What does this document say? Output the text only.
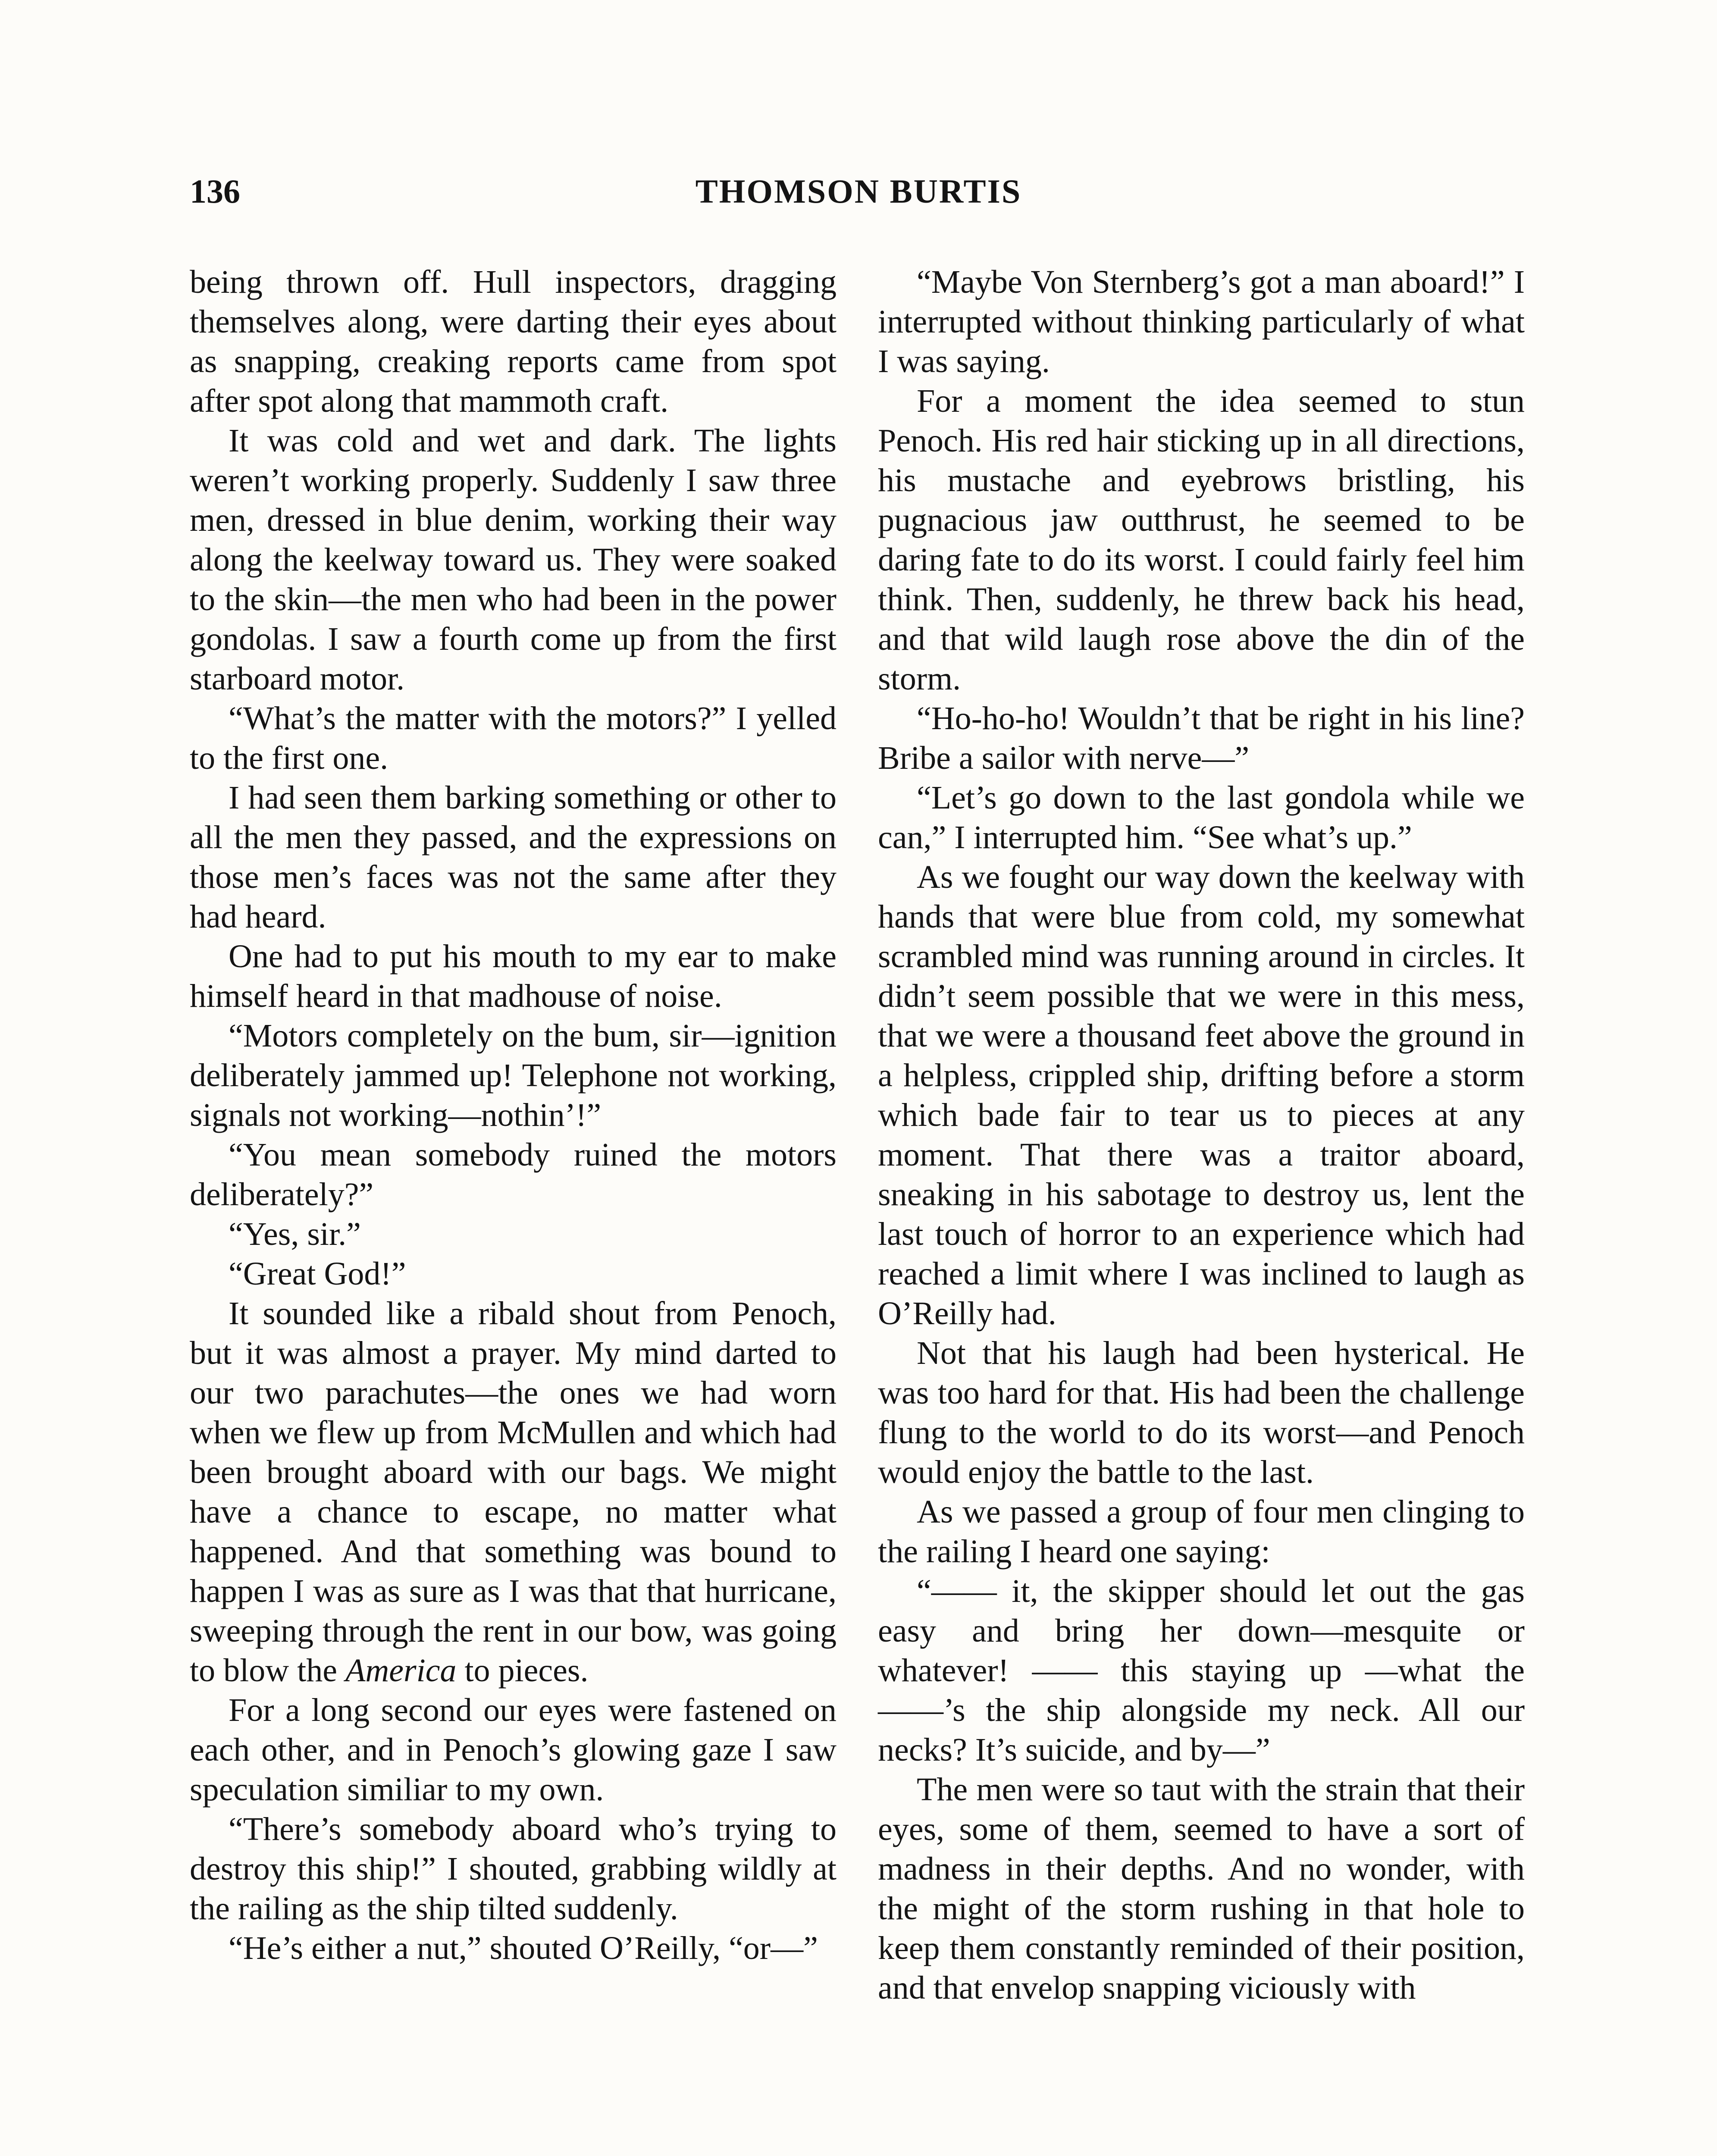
136	THOMSON BURTIS

being thrown off. Hull inspectors, dragging themselves along, were darting their eyes about as snapping, creaking reports came from spot after spot along that mammoth craft.

It was cold and wet and dark. The lights weren’t working properly. Suddenly I saw three men, dressed in blue denim, working their way along the keelway toward us. They were soaked to the skin—the men who had been in the power gondolas. I saw a fourth come up from the first starboard motor.

“What’s the matter with the motors?” I yelled to the first one.

I had seen them barking something or other to all the men they passed, and the expressions on those men’s faces was not the same after they had heard.

One had to put his mouth to my ear to make himself heard in that madhouse of noise.

“Motors completely on the bum, sir—ignition deliberately jammed up! Telephone not working, signals not working—nothin’!”

“You mean somebody ruined the motors deliberately?”

“Yes, sir.”

“Great God!”

It sounded like a ribald shout from Penoch, but it was almost a prayer. My mind darted to our two parachutes—the ones we had worn when we flew up from McMullen and which had been brought aboard with our bags. We might have a chance to escape, no matter what happened. And that something was bound to happen I was as sure as I was that that hurricane, sweeping through the rent in our bow, was going to blow the America to pieces.

For a long second our eyes were fastened on each other, and in Penoch’s glowing gaze I saw speculation similiar to my own.

“There’s somebody aboard who’s trying to destroy this ship!” I shouted, grabbing wildly at the railing as the ship tilted suddenly.

“He’s either a nut,” shouted O’Reilly, “or—”

“Maybe Von Sternberg’s got a man aboard!” I interrupted without thinking particularly of what I was saying.

For a moment the idea seemed to stun Penoch. His red hair sticking up in all directions, his mustache and eyebrows bristling, his pugnacious jaw outthrust, he seemed to be daring fate to do its worst. I could fairly feel him think. Then, suddenly, he threw back his head, and that wild laugh rose above the din of the storm.

“Ho-ho-ho! Wouldn’t that be right in his line? Bribe a sailor with nerve—”

“Let’s go down to the last gondola while we can,” I interrupted him. “See what’s up.”

As we fought our way down the keelway with hands that were blue from cold, my somewhat scrambled mind was running around in circles. It didn’t seem possible that we were in this mess, that we were a thousand feet above the ground in a helpless, crippled ship, drifting before a storm which bade fair to tear us to pieces at any moment. That there was a traitor aboard, sneaking in his sabotage to destroy us, lent the last touch of horror to an experience which had reached a limit where I was inclined to laugh as O’Reilly had.

Not that his laugh had been hysterical. He was too hard for that. His had been the challenge flung to the world to do its worst—and Penoch would enjoy the battle to the last.

As we passed a group of four men clinging to the railing I heard one saying:

“—— it, the skipper should let out the gas easy and bring her down—mesquite or whatever! —— this staying up —what the ——’s the ship alongside my neck. All our necks? It’s suicide, and by—”

The men were so taut with the strain that their eyes, some of them, seemed to have a sort of madness in their depths. And no wonder, with the might of the storm rushing in that hole to keep them constantly reminded of their position, and that envelop snapping viciously with
